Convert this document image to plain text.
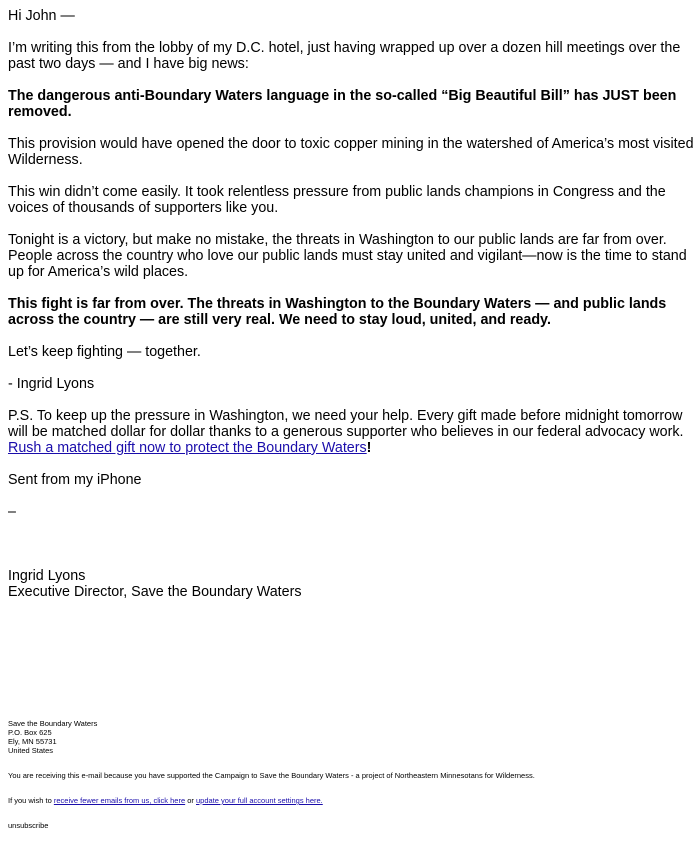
Hi John —

I’m writing this from the lobby of my D.C. hotel, just having wrapped up over a dozen hill meetings over the past two days — and I have big news:

The dangerous anti-Boundary Waters language in the so-called “Big Beautiful Bill” has JUST been removed.

This provision would have opened the door to toxic copper mining in the watershed of America’s most visited Wilderness.

This win didn’t come easily. It took relentless pressure from public lands champions in Congress and the voices of thousands of supporters like you.

Tonight is a victory, but make no mistake, the threats in Washington to our public lands are far from over. People across the country who love our public lands must stay united and vigilant—now is the time to stand up for America’s wild places.

This fight is far from over. The threats in Washington to the Boundary Waters — and public lands across the country — are still very real. We need to stay loud, united, and ready.

Let’s keep fighting — together.

- Ingrid Lyons

P.S. To keep up the pressure in Washington, we need your help. Every gift made before midnight tomorrow will be matched dollar for dollar thanks to a generous supporter who believes in our federal advocacy work. Rush a matched gift now to protect the Boundary Waters!

Sent from my iPhone

–

Ingrid Lyons

Executive Director, Save the Boundary Waters

Save the Boundary Waters
P.O. Box 625
Ely, MN 55731
United States
You are receiving this e-mail because you have supported the Campaign to Save the Boundary Waters - a project of Northeastern Minnesotans for Wilderness.
If you wish to receive fewer emails from us, click here or update your full account settings here.
unsubscribe
